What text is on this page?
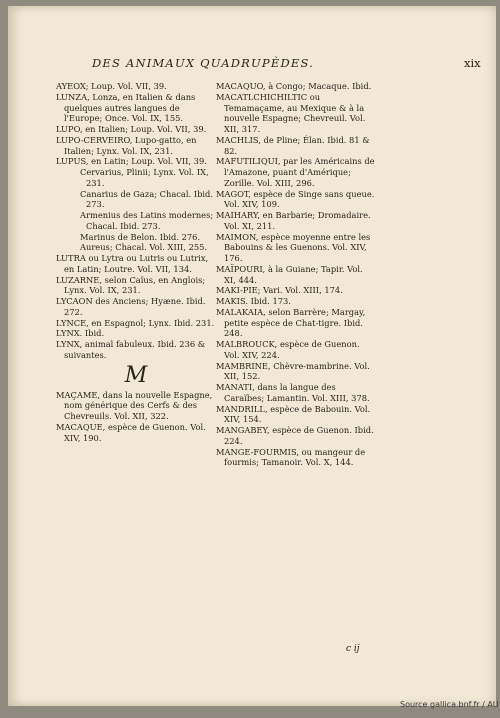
DES ANIMAUX QUADRUPÈDES.	xix

AYEOX; Loup. Vol. VII, 39.

LUNZA, Lonza, en Italien & dans quelques autres langues de l'Europe; Once. Vol. IX, 155.

LUPO, en Italien; Loup. Vol. VII, 39.

LUPO-CERVEIRO, Lupo-gatto, en Italien; Lynx. Vol. IX, 231.

LUPUS, en Latin; Loup. Vol. VII, 39.

Cervarius, Plinii; Lynx. Vol. IX, 231.

Canarius de Gaza; Chacal. Ibid. 273.

Armenius des Latins modernes; Chacal. Ibid. 273.

Marinus de Belon. Ibid. 276.

Aureus; Chacal. Vol. XIII, 255.

LUTRA ou Lytra ou Lutris ou Lutrix, en Latin; Loutre. Vol. VII, 134.

LUZARNE, selon Caïus, en Anglois; Lynx. Vol. IX, 231.

LYCAON des Anciens; Hyæne. Ibid. 272.

LYNCE, en Espagnol; Lynx. Ibid. 231.

LYNX. Ibid.

LYNX, animal fabuleux. Ibid. 236 & suivantes.

M

MAÇAME, dans la nouvelle Espagne, nom générique des Cerfs & des Chevreuils. Vol. XII, 322.

MACAQUE, espèce de Guenon. Vol. XIV, 190.

MACAQUO, à Congo; Macaque. Ibid.

MACATLCHICHILTIC ou Temamaçame, au Mexique & à la nouvelle Espagne; Chevreuil. Vol. XII, 317.

MACHLIS, de Pline; Élan. Ibid. 81 & 82.

MAFUTILIQUI, par les Américains de l'Amazone, puant d'Amérique; Zorille. Vol. XIII, 296.

MAGOT, espèce de Singe sans queue. Vol. XIV, 109.

MAIHARY, en Barbarie; Dromadaire. Vol. XI, 211.

MAIMON, espèce moyenne entre les Babouins & les Guenons. Vol. XIV, 176.

MAÏPOURI, à la Guiane; Tapir. Vol. XI, 444.

MAKI-PIE; Vari. Vol. XIII, 174.

MAKIS. Ibid. 173.

MALAKAIA, selon Barrère; Margay, petite espèce de Chat-tigre. Ibid. 248.

MALBROUCK, espèce de Guenon. Vol. XIV, 224.

MAMBRINE, Chèvre-mambrine. Vol. XII, 152.

MANATI, dans la langue des Caraïbes; Lamantin. Vol. XIII, 378.

MANDRILL, espèce de Babouin. Vol. XIV, 154.

MANGABEY, espèce de Guenon. Ibid. 224.

MANGE-FOURMIS, ou mangeur de fourmis; Tamanoir. Vol. X, 144.

c ij
Source gallica.bnf.fr / AU
